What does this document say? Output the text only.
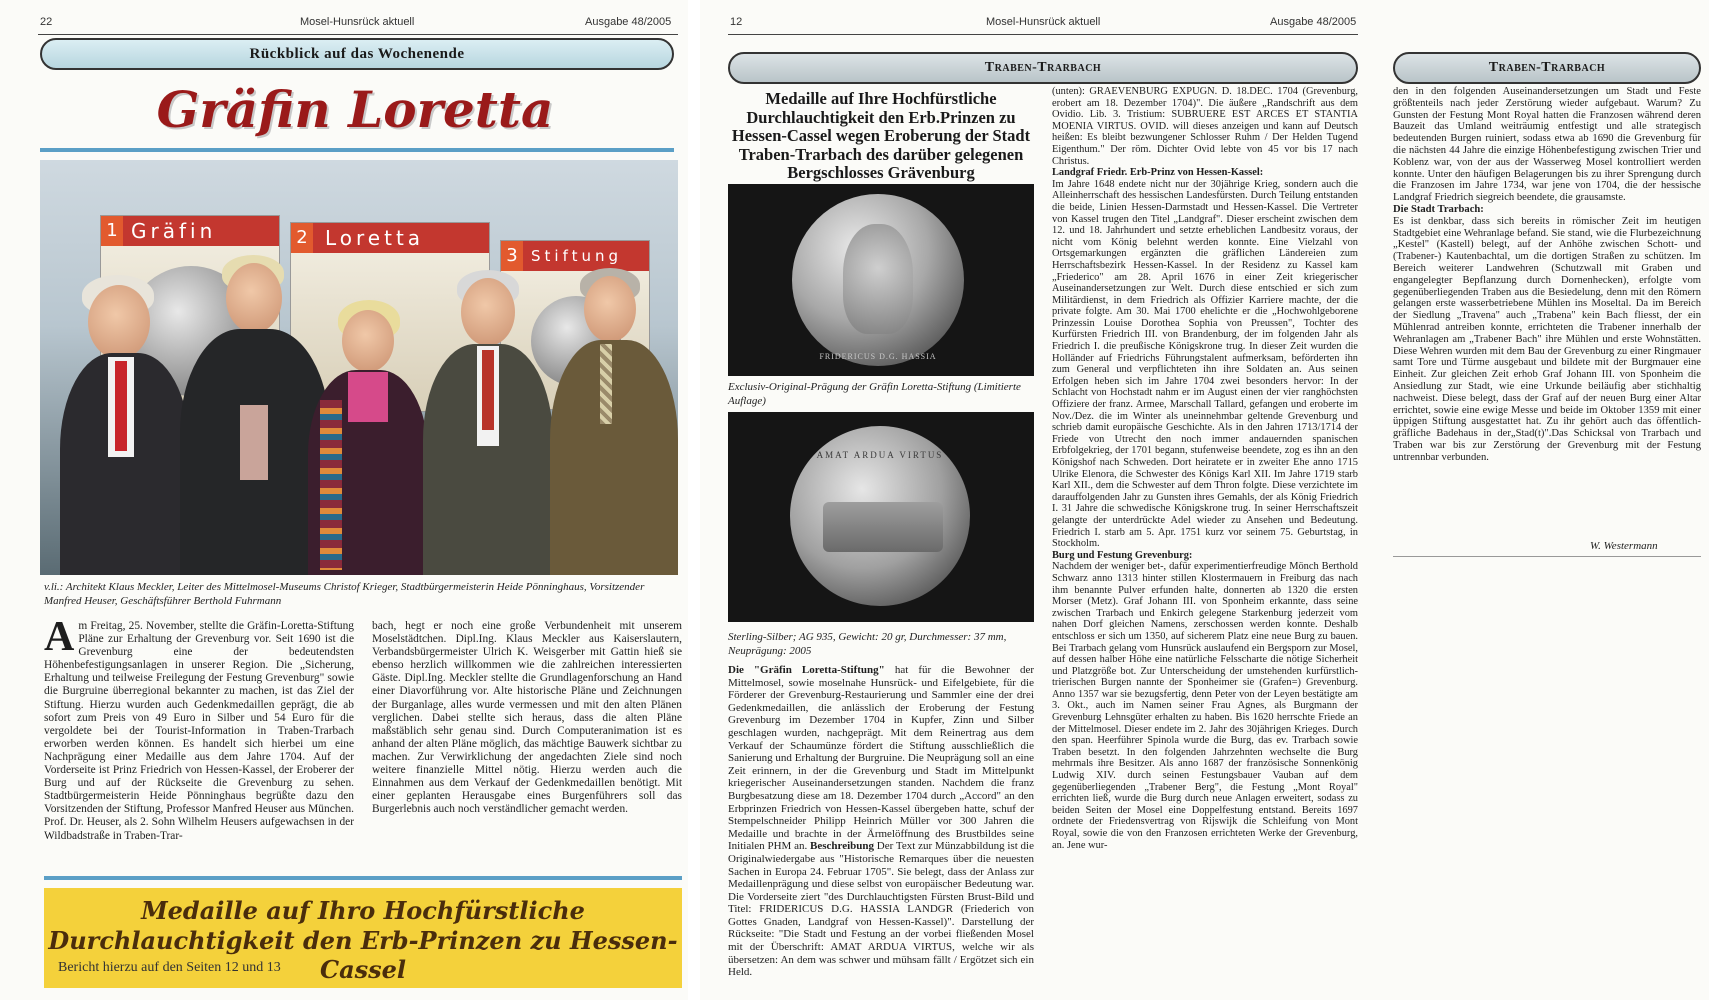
22	Mosel-Hunsrück aktuell	Ausgabe 48/2005
Rückblick auf das Wochenende
Gräfin Loretta
Gräfin
1	Loretta
2
Stiftung
3
v.li.: Architekt Klaus Meckler, Leiter des Mittelmosel-Museums Christof Krieger, Stadtbürgermeisterin Heide Pönninghaus, Vorsitzender Manfred Heuser, Geschäftsführer Berthold Fuhrmann
A m Freitag, 25. November, stellte die Gräfin-Loretta-Stiftung Pläne zur Erhaltung der Grevenburg vor. Seit 1690 ist die Grevenburg eine der bedeutendsten Höhenbefestigungsanlagen in unserer Region. Die „Sicherung, Erhaltung und teilweise Freilegung der Festung Grevenburg" sowie die Burgruine überregional bekannter zu machen, ist das Ziel der Stiftung. Hierzu wurden auch Gedenkmedaillen geprägt, die ab sofort zum Preis von 49 Euro in Silber und 54 Euro für die vergoldete bei der Tourist-Information in Traben-Trarbach erworben werden können. Es handelt sich hierbei um eine Nachprägung einer Medaille aus dem Jahre 1704. Auf der Vorderseite ist Prinz Friedrich von Hessen-Kassel, der Eroberer der Burg und auf der Rückseite die Grevenburg zu sehen. Stadtbürgermeisterin Heide Pönninghaus begrüßte dazu den Vorsitzenden der Stiftung, Professor Manfred Heuser aus München. Prof. Dr. Heuser, als 2. Sohn Wilhelm Heusers aufgewachsen in der Wildbadstraße in Traben-Trar-
bach, hegt er noch eine große Verbundenheit mit unserem Moselstädtchen. Dipl.Ing. Klaus Meckler aus Kaiserslautern, Verbandsbürgermeister Ulrich K. Weisgerber mit Gattin hieß sie ebenso herzlich willkommen wie die zahlreichen interessierten Gäste. Dipl.Ing. Meckler stellte die Grundlagenforschung an Hand einer Diavorführung vor. Alte historische Pläne und Zeichnungen der Burganlage, alles wurde vermessen und mit den alten Plänen verglichen. Dabei stellte sich heraus, dass die alten Pläne maßstäblich sehr genau sind. Durch Computeranimation ist es anhand der alten Pläne möglich, das mächtige Bauwerk sichtbar zu machen. Zur Verwirklichung der angedachten Ziele sind noch weitere finanzielle Mittel nötig. Hierzu werden auch die Einnahmen aus dem Verkauf der Gedenkmedaillen benötigt. Mit einer geplanten Herausgabe eines Burgenführers soll das Burgerlebnis auch noch verständlicher gemacht werden.
Medaille auf Ihro Hochfürstliche
Durchlauchtigkeit den Erb-Prinzen zu Hessen-Cassel
Bericht hierzu auf den Seiten 12 und 13
12	Mosel-Hunsrück aktuell	Ausgabe 48/2005
Traben-Trarbach	Traben-Trarbach
Medaille auf Ihre Hochfürstliche Durchlauchtigkeit den Erb.Prinzen zu Hessen-Cassel wegen Eroberung der Stadt Traben-Trarbach des darüber gelegenen Bergschlosses Grävenburg
FRIDERICUS D.G. HASSIA
Exclusiv-Original-Prägung der Gräfin Loretta-Stiftung (Limitierte Auflage)
AMAT ARDUA VIRTUS
Sterling-Silber; AG 935, Gewicht: 20 gr, Durchmesser: 37 mm, Neuprägung: 2005
Die "Gräfin Loretta-Stiftung" hat für die Bewohner der Mittelmosel, sowie moselnahe Hunsrück- und Eifelgebiete, für die Förderer der Grevenburg-Restaurierung und Sammler eine der drei Gedenkmedaillen, die anlässlich der Eroberung der Festung Grevenburg im Dezember 1704 in Kupfer, Zinn und Silber geschlagen wurden, nachgeprägt. Mit dem Reinertrag aus dem Verkauf der Schaumünze fördert die Stiftung ausschließlich die Sanierung und Erhaltung der Burgruine. Die Neuprägung soll an eine Zeit erinnern, in der die Grevenburg und Stadt im Mittelpunkt kriegerischer Auseinandersetzungen standen. Nachdem die franz Burgbesatzung diese am 18. Dezember 1704 durch „Accord" an den Erbprinzen Friedrich von Hessen-Kassel übergeben hatte, schuf der Stempelschneider Philipp Heinrich Müller vor 300 Jahren die Medaille und brachte in der Ärmelöffnung des Brustbildes seine Initialen PHM an. Beschreibung Der Text zur Münzabbildung ist die Originalwiedergabe aus "Historische Remarques über die neuesten Sachen in Europa 24. Februar 1705". Sie belegt, dass der Anlass zur Medaillenprägung und diese selbst von europäischer Bedeutung war. Die Vorderseite ziert "des Durchlauchtigsten Fürsten Brust-Bild und Titel: FRIDERICUS D.G. HASSIA LANDGR (Friederich von Gottes Gnaden, Landgraf von Hessen-Kassel)". Darstellung der Rückseite: "Die Stadt und Festung an der vorbei fließenden Mosel mit der Überschrift: AMAT ARDUA VIRTUS, welche wir als übersetzen: An dem was schwer und mühsam fällt / Ergötzet sich ein Held.

(unten): GRAEVENBURG EXPUGN. D. 18.DEC. 1704 (Grevenburg, erobert am 18. Dezember 1704)". Die äußere „Randschrift aus dem Ovidio. Lib. 3. Tristium: SUBRUERE EST ARCES ET STANTIA MOENIA VIRTUS. OVID. will dieses anzeigen und kann auf Deutsch heißen: Es bleibt bezwungener Schlosser Ruhm / Der Helden Tugend Eigenthum." Der röm. Dichter Ovid lebte von 45 vor bis 17 nach Christus.

Landgraf Friedr. Erb-Prinz von Hessen-Kassel:

Im Jahre 1648 endete nicht nur der 30jährige Krieg, sondern auch die Alleinherrschaft des hessischen Landesfürsten. Durch Teilung entstanden die beide, Linien Hessen-Darmstadt und Hessen-Kassel. Die Vertreter von Kassel trugen den Titel „Landgraf". Dieser erscheint zwischen dem 12. und 18. Jahrhundert und setzte erheblichen Landbesitz voraus, der nicht vom König belehnt werden konnte. Eine Vielzahl von Ortsgemarkungen ergänzten die gräflichen Ländereien zum Herrschaftsbezirk Hessen-Kassel. In der Residenz zu Kassel kam „Friederico" am 28. April 1676 in einer Zeit kriegerischer Auseinandersetzungen zur Welt. Durch diese entschied er sich zum Militärdienst, in dem Friedrich als Offizier Karriere machte, der die private folgte. Am 30. Mai 1700 ehelichte er die „Hochwohlgeborene Prinzessin Louise Dorothea Sophia von Preussen", Tochter des Kurfürsten Friedrich III. von Brandenburg, der im folgenden Jahr als Friedrich I. die preußische Königskrone trug. In dieser Zeit wurden die Holländer auf Friedrichs Führungstalent aufmerksam, beförderten ihn zum General und verpflichteten ihn ihre Soldaten an. Aus seinen Erfolgen heben sich im Jahre 1704 zwei besonders hervor: In der Schlacht von Hochstadt nahm er im August einen der vier ranghöchsten Offiziere der franz. Armee, Marschall Tallard, gefangen und eroberte im Nov./Dez. die im Winter als uneinnehmbar geltende Grevenburg und schrieb damit europäische Geschichte. Als in den Jahren 1713/1714 der Friede von Utrecht den noch immer andauernden spanischen Erbfolgekrieg, der 1701 begann, stufenweise beendete, zog es ihn an den Königshof nach Schweden. Dort heiratete er in zweiter Ehe anno 1715 Ulrike Elenora, die Schwester des Königs Karl XII. Im Jahre 1719 starb Karl XII., dem die Schwester auf dem Thron folgte. Diese verzichtete im darauffolgenden Jahr zu Gunsten ihres Gemahls, der als König Friedrich I. 31 Jahre die schwedische Königskrone trug. In seiner Herrschaftszeit gelangte der unterdrückte Adel wieder zu Ansehen und Bedeutung. Friedrich I. starb am 5. Apr. 1751 kurz vor seinem 75. Geburtstag, in Stockholm.

Burg und Festung Grevenburg:

Nachdem der weniger bet-, dafür experimentierfreudige Mönch Berthold Schwarz anno 1313 hinter stillen Klostermauern in Freiburg das nach ihm benannte Pulver erfunden halte, donnerten ab 1320 die ersten Morser (Metz). Graf Johann III. von Sponheim erkannte, dass seine zwischen Trarbach und Enkirch gelegene Starkenburg jederzeit vom nahen Dorf gleichen Namens, zerschossen werden konnte. Deshalb entschloss er sich um 1350, auf sicherem Platz eine neue Burg zu bauen. Bei Trarbach gelang vom Hunsrück auslaufend ein Bergsporn zur Mosel, auf dessen halber Höhe eine natürliche Felsscharte die nötige Sicherheit und Platzgröße bot. Zur Unterscheidung der umstehenden kurfürstlich-trierischen Burgen nannte der Sponheimer sie (Grafen=) Grevenburg. Anno 1357 war sie bezugsfertig, denn Peter von der Leyen bestätigte am 3. Okt., auch im Namen seiner Frau Agnes, als Burgmann der Grevenburg Lehnsgüter erhalten zu haben. Bis 1620 herrschte Friede an der Mittelmosel. Dieser endete im 2. Jahr des 30jährigen Krieges. Durch den span. Heerführer Spinola wurde die Burg, das ev. Trarbach sowie Traben besetzt. In den folgenden Jahrzehnten wechselte die Burg mehrmals ihre Besitzer. Als anno 1687 der französische Sonnenkönig Ludwig XIV. durch seinen Festungsbauer Vauban auf dem gegenüberliegenden „Trabener Berg", die Festung „Mont Royal" errichten ließ, wurde die Burg durch neue Anlagen erweitert, sodass zu beiden Seiten der Mosel eine Doppelfestung entstand. Bereits 1697 ordnete der Friedensvertrag von Rijswijk die Schleifung von Mont Royal, sowie die von den Franzosen errichteten Werke der Grevenburg, an. Jene wur-

den in den folgenden Auseinandersetzungen um Stadt und Feste größtenteils nach jeder Zerstörung wieder aufgebaut. Warum? Zu Gunsten der Festung Mont Royal hatten die Franzosen während deren Bauzeit das Umland weiträumig entfestigt und alle strategisch bedeutenden Burgen ruiniert, sodass etwa ab 1690 die Grevenburg für die nächsten 44 Jahre die einzige Höhenbefestigung zwischen Trier und Koblenz war, von der aus der Wasserweg Mosel kontrolliert werden konnte. Unter den häufigen Belagerungen bis zu ihrer Sprengung durch die Franzosen im Jahre 1734, war jene von 1704, die der hessische Landgraf Friedrich siegreich beendete, die grausamste.

Die Stadt Trarbach:

Es ist denkbar, dass sich bereits in römischer Zeit im heutigen Stadtgebiet eine Wehranlage befand. Sie stand, wie die Flurbezeichnung „Kestel" (Kastell) belegt, auf der Anhöhe zwischen Schott- und (Trabener-) Kautenbachtal, um die dortigen Straßen zu schützen. Im Bereich weiterer Landwehren (Schutzwall mit Graben und engangelegter Bepflanzung durch Dornenhecken), erfolgte vom gegenüberliegenden Traben aus die Besiedelung, denn mit den Römern gelangen erste wasserbetriebene Mühlen ins Moseltal. Da im Bereich der Siedlung „Travena" auch „Trabena" kein Bach fliesst, der ein Mühlenrad antreiben konnte, errichteten die Trabener innerhalb der Wehranlagen am „Trabener Bach" ihre Mühlen und erste Wohnstätten. Diese Wehren wurden mit dem Bau der Grevenburg zu einer Ringmauer samt Tore und Türme ausgebaut und bildete mit der Burgmauer eine Einheit. Zur gleichen Zeit erhob Graf Johann III. von Sponheim die Ansiedlung zur Stadt, wie eine Urkunde beiläufig aber stichhaltig nachweist. Diese belegt, dass der Graf auf der neuen Burg einer Altar errichtet, sowie eine ewige Messe und beide im Oktober 1359 mit einer üppigen Stiftung ausgestattet hat. Zu ihr gehört auch das öffentlich-gräfliche Badehaus in der„Stad(t)".Das Schicksal von Trarbach und Traben war bis zur Zerstörung der Grevenburg mit der Festung untrennbar verbunden.

W. Westermann
